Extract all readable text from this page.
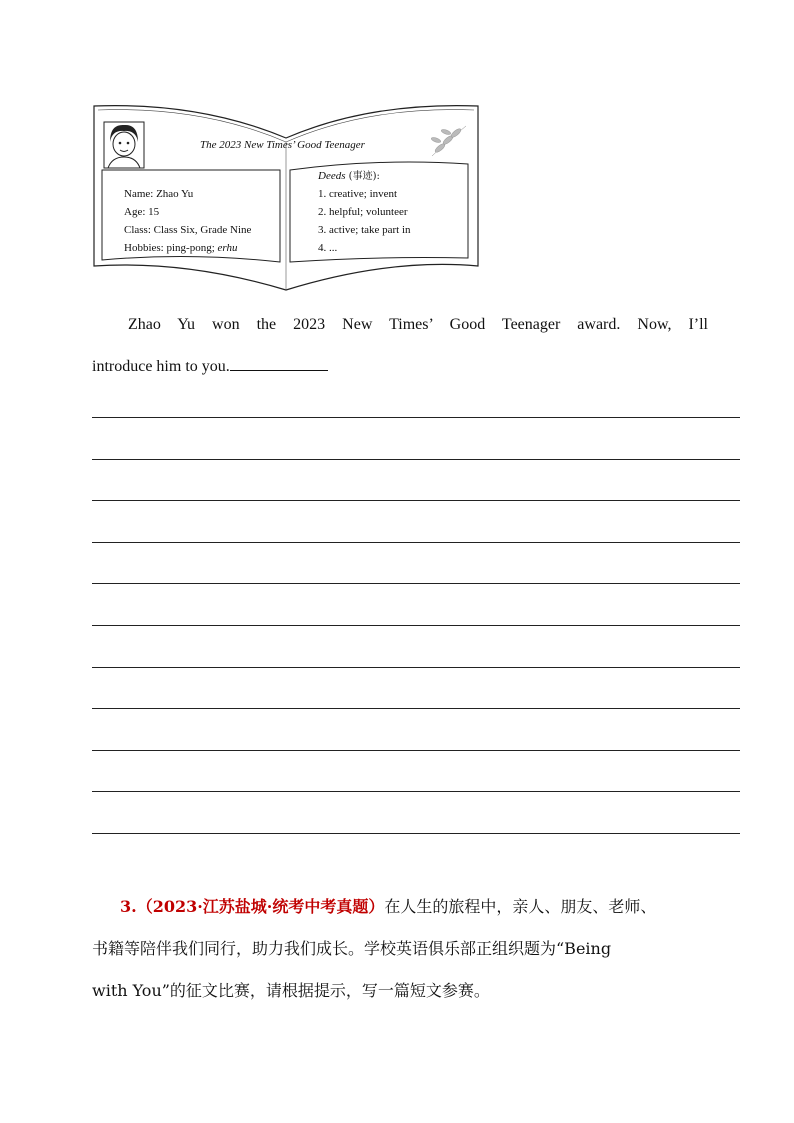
The 2023 New Times’ Good Teenager
Name: Zhao Yu
Age: 15
Class: Class Six, Grade Nine
Hobbies: ping-pong; erhu
Deeds (事迹):
1. creative; invent
2. helpful; volunteer
3. active; take part in
4. ...
Zhao Yu won the 2023 New Times’ Good Teenager award. Now, I’ll
introduce him to you.
3.（2023·江苏盐城·统考中考真题）在人生的旅程中，亲人、朋友、老师、
书籍等陪伴我们同行，助力我们成长。学校英语俱乐部正组织题为“Being
with You”的征文比赛，请根据提示，写一篇短文参赛。
